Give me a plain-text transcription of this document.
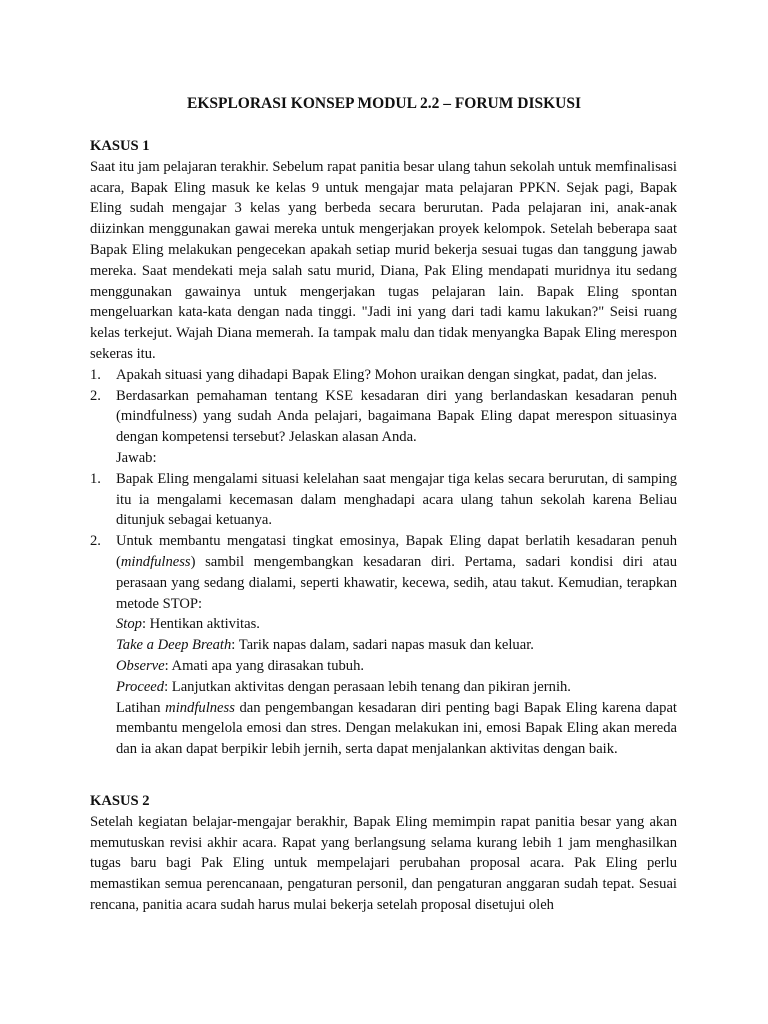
EKSPLORASI KONSEP MODUL 2.2 – FORUM DISKUSI
KASUS 1

Saat itu jam pelajaran terakhir. Sebelum rapat panitia besar ulang tahun sekolah untuk memfinalisasi acara, Bapak Eling masuk ke kelas 9 untuk mengajar mata pelajaran PPKN. Sejak pagi, Bapak Eling sudah mengajar 3 kelas yang berbeda secara berurutan. Pada pelajaran ini, anak-anak diizinkan menggunakan gawai mereka untuk mengerjakan proyek kelompok. Setelah beberapa saat Bapak Eling melakukan pengecekan apakah setiap murid bekerja sesuai tugas dan tanggung jawab mereka. Saat mendekati meja salah satu murid, Diana, Pak Eling mendapati muridnya itu sedang menggunakan gawainya untuk mengerjakan tugas pelajaran lain. Bapak Eling spontan mengeluarkan kata-kata dengan nada tinggi. "Jadi ini yang dari tadi kamu lakukan?" Seisi ruang kelas terkejut. Wajah Diana memerah. Ia tampak malu dan tidak menyangka Bapak Eling merespon sekeras itu.

1.	Apakah situasi yang dihadapi Bapak Eling? Mohon uraikan dengan singkat, padat, dan jelas.
2.	Berdasarkan pemahaman tentang KSE kesadaran diri yang berlandaskan kesadaran penuh (mindfulness) yang sudah Anda pelajari, bagaimana Bapak Eling dapat merespon situasinya dengan kompetensi tersebut? Jelaskan alasan Anda.
Jawab:
1.	Bapak Eling mengalami situasi kelelahan saat mengajar tiga kelas secara berurutan, di samping itu ia mengalami kecemasan dalam menghadapi acara ulang tahun sekolah karena Beliau ditunjuk sebagai ketuanya.
2.	Untuk membantu mengatasi tingkat emosinya, Bapak Eling dapat berlatih kesadaran penuh (mindfulness) sambil mengembangkan kesadaran diri. Pertama, sadari kondisi diri atau perasaan yang sedang dialami, seperti khawatir, kecewa, sedih, atau takut. Kemudian, terapkan metode STOP:
Stop: Hentikan aktivitas.
Take a Deep Breath: Tarik napas dalam, sadari napas masuk dan keluar.
Observe: Amati apa yang dirasakan tubuh.
Proceed: Lanjutkan aktivitas dengan perasaan lebih tenang dan pikiran jernih.
Latihan mindfulness dan pengembangan kesadaran diri penting bagi Bapak Eling karena dapat membantu mengelola emosi dan stres. Dengan melakukan ini, emosi Bapak Eling akan mereda dan ia akan dapat berpikir lebih jernih, serta dapat menjalankan aktivitas dengan baik.
KASUS 2

Setelah kegiatan belajar-mengajar berakhir, Bapak Eling memimpin rapat panitia besar yang akan memutuskan revisi akhir acara. Rapat yang berlangsung selama kurang lebih 1 jam menghasilkan tugas baru bagi Pak Eling untuk mempelajari perubahan proposal acara. Pak Eling perlu memastikan semua perencanaan, pengaturan personil, dan pengaturan anggaran sudah tepat. Sesuai rencana, panitia acara sudah harus mulai bekerja setelah proposal disetujui oleh
